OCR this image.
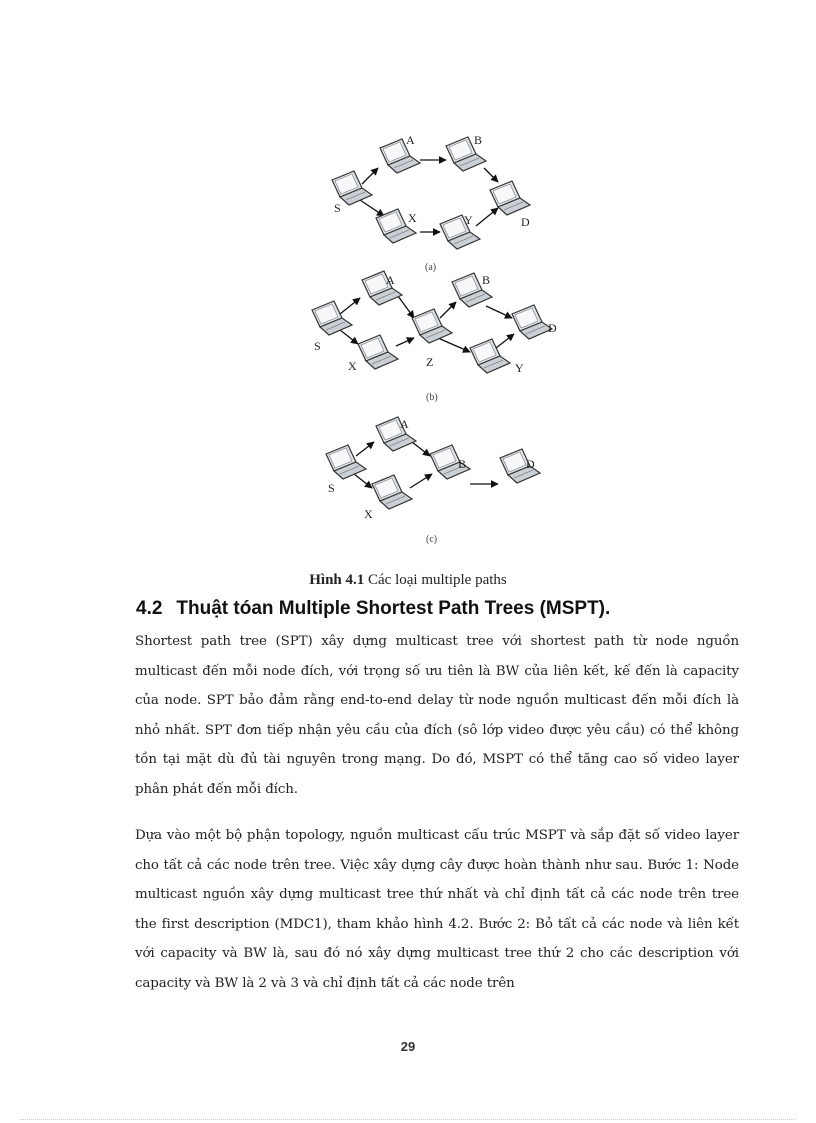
S
A	B
X	Y	D
(a)
S
A	B
X	Z	Y
D
(b)
S
A
X
B	D
(c)
Hình 4.1 Các loại multiple paths
4.2 Thuật tóan Multiple Shortest Path Trees (MSPT).

Shortest path tree (SPT) xây dựng multicast tree với shortest path từ node nguồn multicast đến mỗi node đích, với trọng số ưu tiên là BW của liên kết, kế đến là capacity của node. SPT bảo đảm rằng end-to-end delay từ node nguồn multicast đến mỗi đích là nhỏ nhất. SPT đơn tiếp nhận yêu cầu của đích (sô lớp video được yêu cầu) có thể không tồn tại mặt dù đủ tài nguyên trong mạng. Do đó, MSPT có thể tăng cao số video layer phân phát đến mỗi đích.

Dựa vào một bộ phận topology, nguồn multicast cấu trúc MSPT và sắp đặt số video layer cho tất cả các node trên tree. Việc xây dựng cây được hoàn thành như sau. Bước 1: Node multicast nguồn xây dựng multicast tree thứ nhất và chỉ định tất cả các node trên tree the first description (MDC1), tham khảo hình 4.2. Bước 2: Bỏ tất cả các node và liên kết với capacity và BW là, sau đó nó xây dựng multicast tree thứ 2 cho các description với capacity và BW là 2 và 3 và chỉ định tất cả các node trên

29
